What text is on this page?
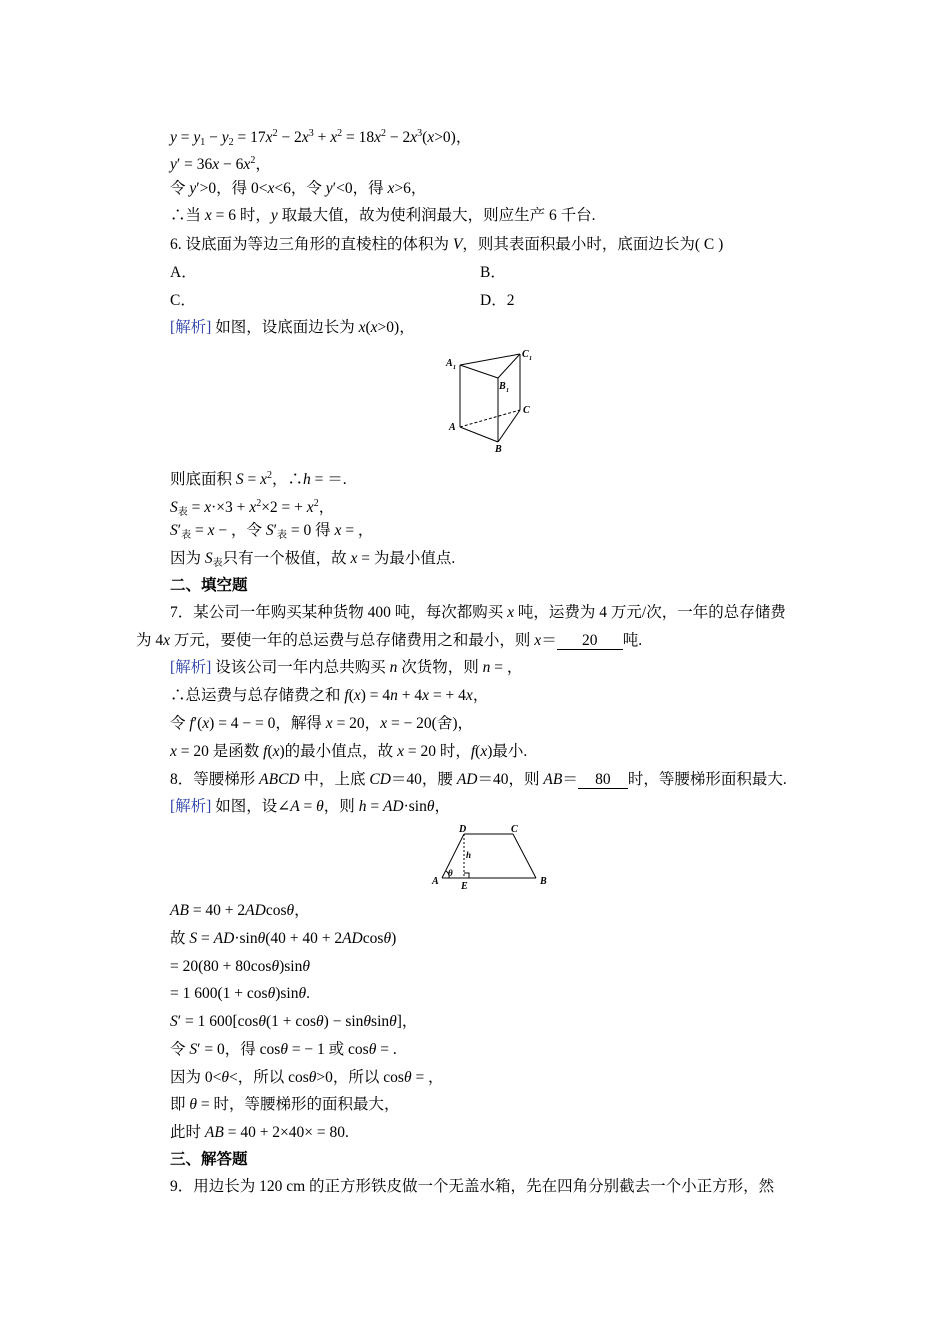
$y = y_1 - y_2 = 17x^2 - 2x^3 + x^2 = 18x^2 - 2x^3(x>0)$，
$y' = 36x - 6x^2$，
令 y′>0，得 0<x<6，令 y′<0，得 x>6，
∴当 x = 6 时，y 取最大值，故为使利润最大，则应生产 6 千台.
6. 设底面为等边三角形的直棱柱的体积为 V，则其表面积最小时，底面边长为( C )
A．	B．
C．	D．2
[解析] 如图，设底面边长为 x(x>0)，
A 1
B 1
C 1
A
B
C
则底面积 $S = x^2$，∴h = ＝.
$S_表 = x\cdot\times 3 + x^2\times 2$ = + $x^2$，
$S'_表 = x$ − ，令 $S'_表 = 0$ 得 x = ，
因为 $S_表$只有一个极值，故 x = 为最小值点.
二、填空题
7．某公司一年购买某种货物 400 吨，每次都购买 x 吨，运费为 4 万元/次，一年的总存储费
为 4x 万元，要使一年的总运费与总存储费用之和最小，则 x＝ 20 吨.
[解析] 设该公司一年内总共购买 n 次货物，则 n = ，
∴总运费与总存储费之和 f(x) = 4n + 4x = + 4x，
令 f′(x) = 4 − = 0，解得 x = 20，x = − 20(舍)，
x = 20 是函数 f(x)的最小值点，故 x = 20 时，f(x)最小.
8．等腰梯形 ABCD 中，上底 CD＝40，腰 AD＝40，则 AB＝ 80 时，等腰梯形面积最大.
[解析] 如图，设∠A = θ，则 h = AD·sinθ，
D	C
h
θ
A E	B
AB = 40 + 2ADcosθ，
故 S = AD·sinθ(40 + 40 + 2ADcosθ)
= 20(80 + 80cosθ)sinθ
= 1 600(1 + cosθ)sinθ.
S′ = 1 600[cosθ(1 + cosθ) − sinθsinθ]，
令 S′ = 0，得 cosθ = − 1 或 cosθ = .
因为 0<θ<，所以 cosθ>0，所以 cosθ = ，
即 θ = 时，等腰梯形的面积最大，
此时 AB = 40 + 2×40× = 80.
三、解答题
9．用边长为 120 cm 的正方形铁皮做一个无盖水箱，先在四角分别截去一个小正方形，然
